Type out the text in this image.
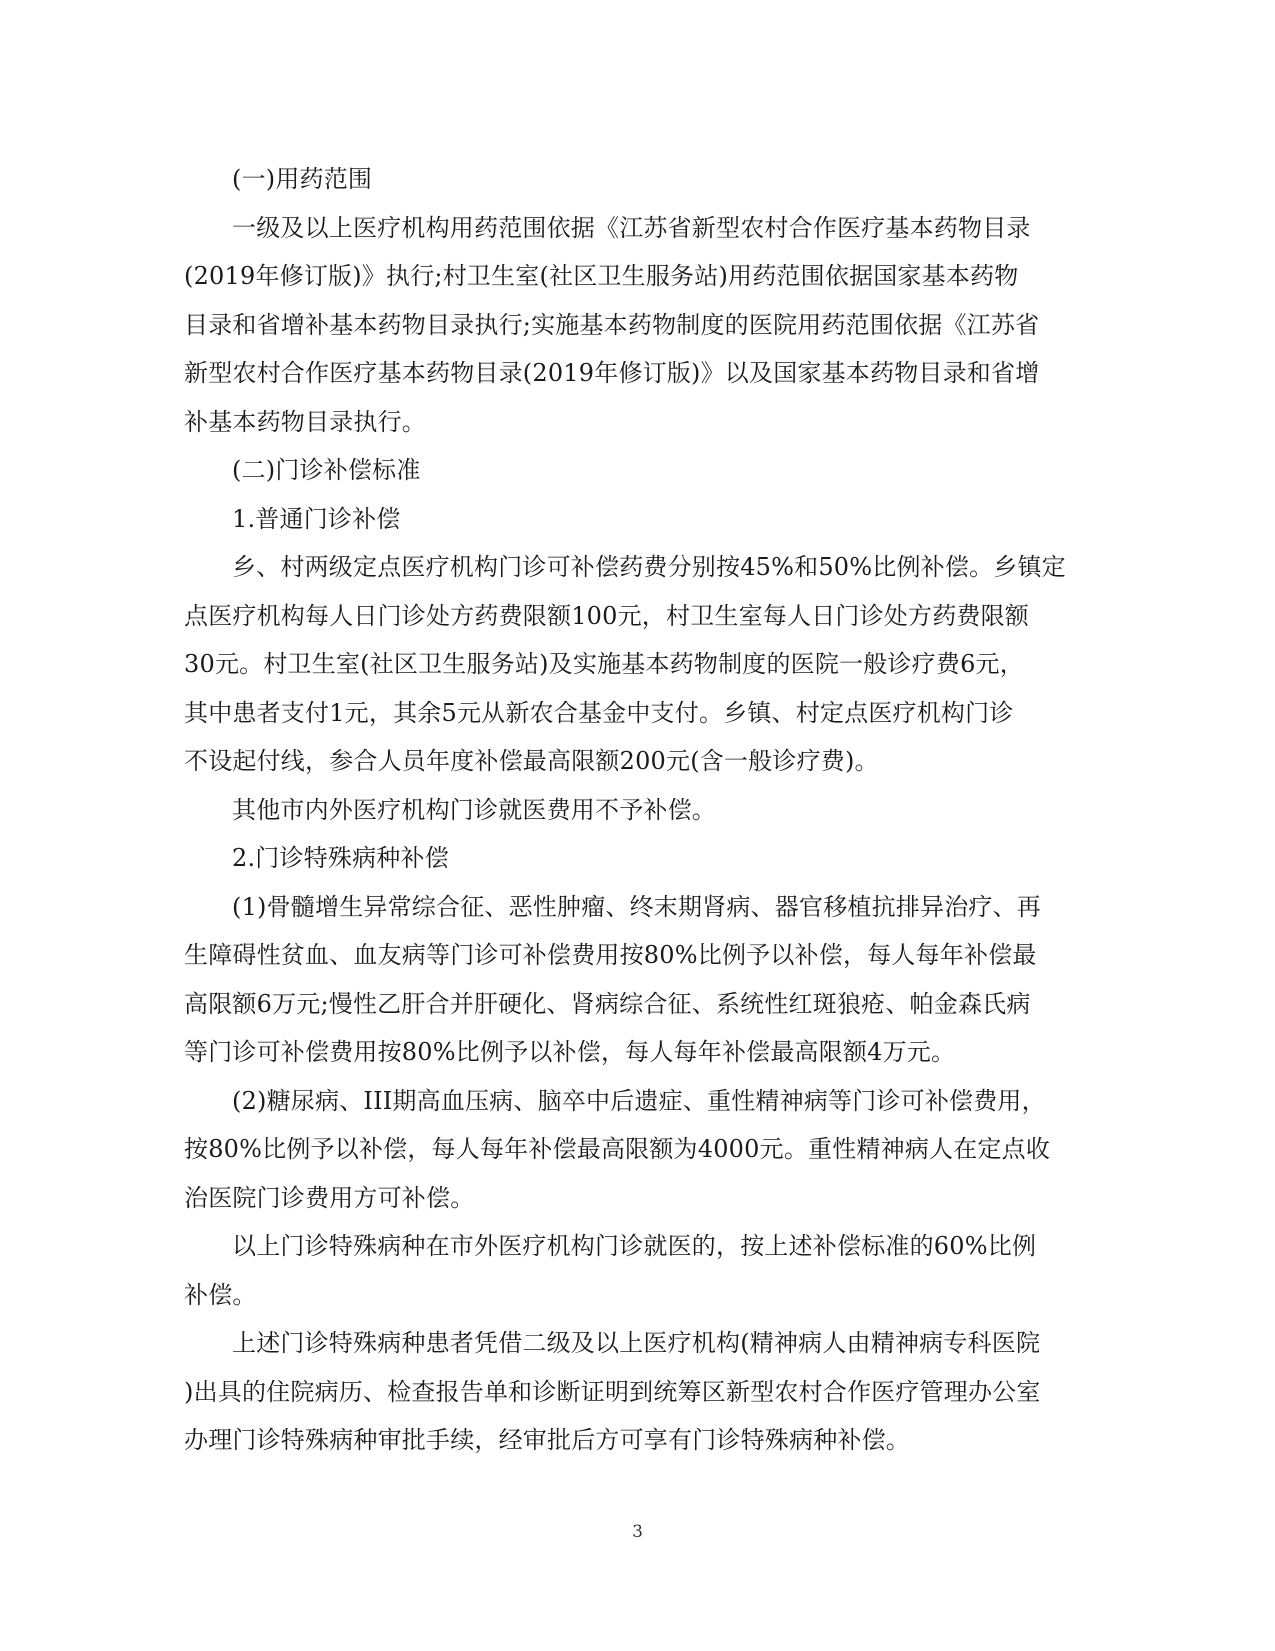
(一)用药范围
一级及以上医疗机构用药范围依据《江苏省新型农村合作医疗基本药物目录
(2019年修订版)》执行;村卫生室(社区卫生服务站)用药范围依据国家基本药物
目录和省增补基本药物目录执行;实施基本药物制度的医院用药范围依据《江苏省
新型农村合作医疗基本药物目录(2019年修订版)》以及国家基本药物目录和省增
补基本药物目录执行。
(二)门诊补偿标准
1.普通门诊补偿
乡、村两级定点医疗机构门诊可补偿药费分别按45%和50%比例补偿。乡镇定
点医疗机构每人日门诊处方药费限额100元，村卫生室每人日门诊处方药费限额
30元。村卫生室(社区卫生服务站)及实施基本药物制度的医院一般诊疗费6元，
其中患者支付1元，其余5元从新农合基金中支付。乡镇、村定点医疗机构门诊
不设起付线，参合人员年度补偿最高限额200元(含一般诊疗费)。
其他市内外医疗机构门诊就医费用不予补偿。
2.门诊特殊病种补偿
(1)骨髓增生异常综合征、恶性肿瘤、终末期肾病、器官移植抗排异治疗、再
生障碍性贫血、血友病等门诊可补偿费用按80%比例予以补偿，每人每年补偿最
高限额6万元;慢性乙肝合并肝硬化、肾病综合征、系统性红斑狼疮、帕金森氏病
等门诊可补偿费用按80%比例予以补偿，每人每年补偿最高限额4万元。
(2)糖尿病、III期高血压病、脑卒中后遗症、重性精神病等门诊可补偿费用，
按80%比例予以补偿，每人每年补偿最高限额为4000元。重性精神病人在定点收
治医院门诊费用方可补偿。
以上门诊特殊病种在市外医疗机构门诊就医的，按上述补偿标准的60%比例
补偿。
上述门诊特殊病种患者凭借二级及以上医疗机构(精神病人由精神病专科医院
)出具的住院病历、检查报告单和诊断证明到统筹区新型农村合作医疗管理办公室
办理门诊特殊病种审批手续，经审批后方可享有门诊特殊病种补偿。
3
